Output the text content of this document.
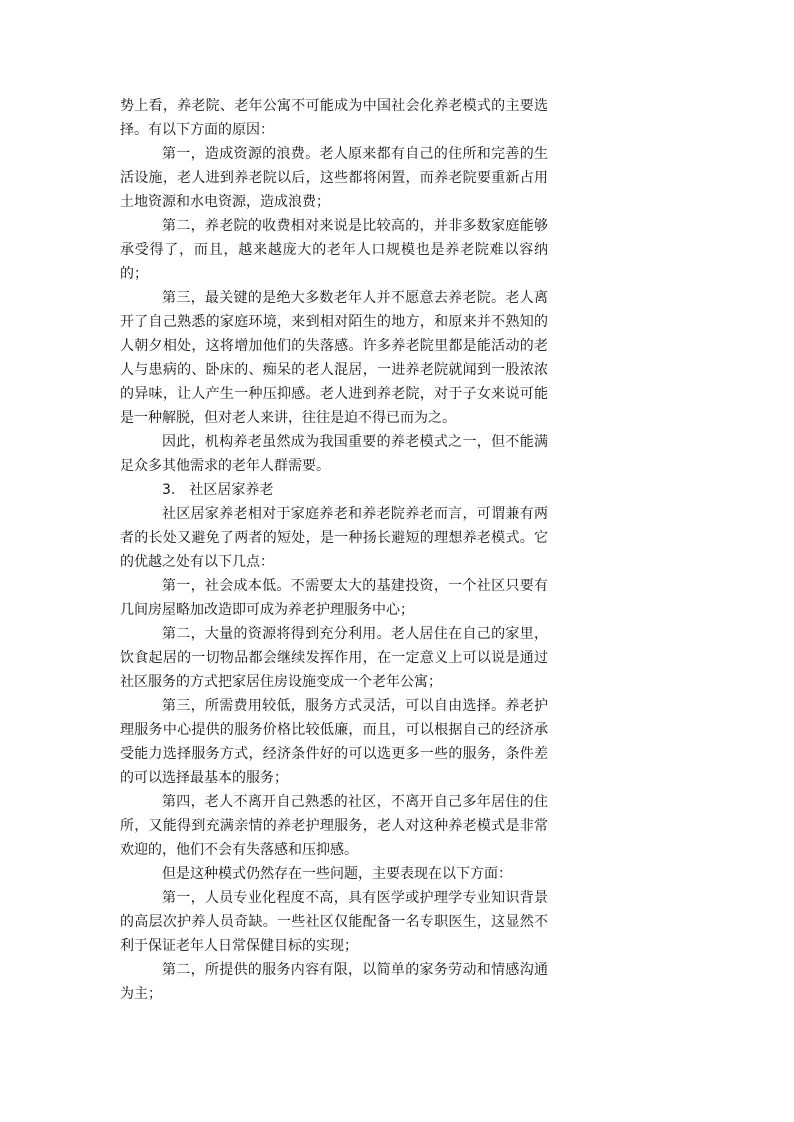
势上看，养老院、老年公寓不可能成为中国社会化养老模式的主要选择。有以下方面的原因：

第一，造成资源的浪费。老人原来都有自己的住所和完善的生活设施，老人进到养老院以后，这些都将闲置，而养老院要重新占用土地资源和水电资源，造成浪费；

第二，养老院的收费相对来说是比较高的，并非多数家庭能够承受得了，而且，越来越庞大的老年人口规模也是养老院难以容纳的；

第三，最关键的是绝大多数老年人并不愿意去养老院。老人离开了自己熟悉的家庭环境，来到相对陌生的地方，和原来并不熟知的人朝夕相处，这将增加他们的失落感。许多养老院里都是能活动的老人与患病的、卧床的、痴呆的老人混居，一进养老院就闻到一股浓浓的异味，让人产生一种压抑感。老人进到养老院，对于子女来说可能是一种解脱，但对老人来讲，往往是迫不得已而为之。

因此，机构养老虽然成为我国重要的养老模式之一，但不能满足众多其他需求的老年人群需要。

3.　社区居家养老

社区居家养老相对于家庭养老和养老院养老而言，可谓兼有两者的长处又避免了两者的短处，是一种扬长避短的理想养老模式。它的优越之处有以下几点：

第一，社会成本低。不需要太大的基建投资，一个社区只要有几间房屋略加改造即可成为养老护理服务中心；

第二，大量的资源将得到充分利用。老人居住在自己的家里，饮食起居的一切物品都会继续发挥作用，在一定意义上可以说是通过社区服务的方式把家居住房设施变成一个老年公寓；

第三，所需费用较低，服务方式灵活，可以自由选择。养老护理服务中心提供的服务价格比较低廉，而且，可以根据自己的经济承受能力选择服务方式，经济条件好的可以选更多一些的服务，条件差的可以选择最基本的服务；

第四，老人不离开自己熟悉的社区，不离开自己多年居住的住所，又能得到充满亲情的养老护理服务，老人对这种养老模式是非常欢迎的，他们不会有失落感和压抑感。

但是这种模式仍然存在一些问题，主要表现在以下方面：

第一，人员专业化程度不高，具有医学或护理学专业知识背景的高层次护养人员奇缺。一些社区仅能配备一名专职医生，这显然不利于保证老年人日常保健目标的实现；

第二，所提供的服务内容有限，以简单的家务劳动和情感沟通为主；
